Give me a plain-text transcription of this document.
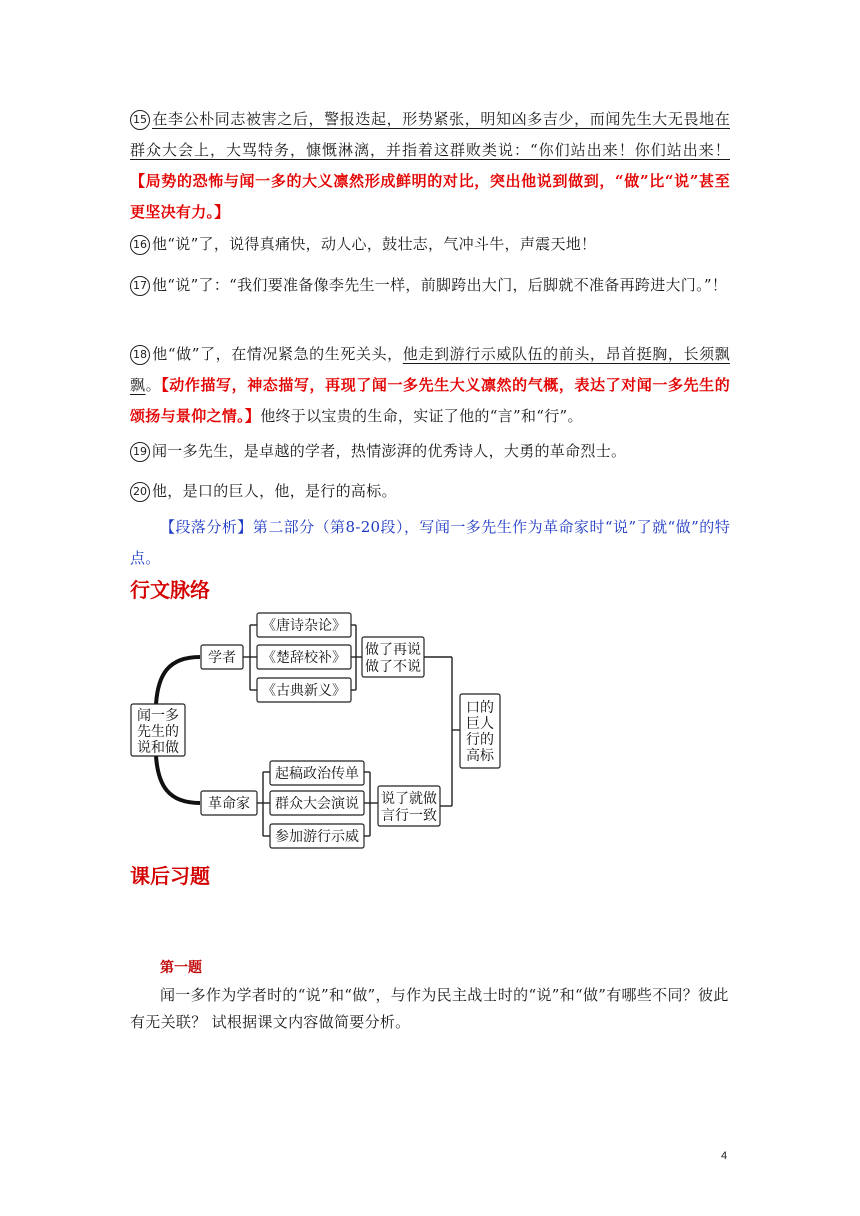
15 在李公朴同志被害之后，警报迭起，形势紧张，明知凶多吉少，而闻先生大无畏地在群众大会上，大骂特务，慷慨淋漓，并指着这群败类说：“你们站出来！你们站出来！【局势的恐怖与闻一多的大义凛然形成鲜明的对比，突出他说到做到，“做”比“说”甚至更坚决有力。】

16 他“说”了，说得真痛快，动人心，鼓壮志，气冲斗牛，声震天地！

17 他“说”了：“我们要准备像李先生一样，前脚跨出大门，后脚就不准备再跨进大门。”！

18 他“做”了，在情况紧急的生死关头，他走到游行示威队伍的前头，昂首挺胸，长须飘飘。【动作描写，神态描写，再现了闻一多先生大义凛然的气概，表达了对闻一多先生的颂扬与景仰之情。】他终于以宝贵的生命，实证了他的“言”和“行”。

19 闻一多先生，是卓越的学者，热情澎湃的优秀诗人，大勇的革命烈士。

20 他，是口的巨人，他，是行的高标。

【段落分析】第二部分（第8-20段），写闻一多先生作为革命家时“说”了就“做”的特点。

行文脉络
闻一多
先生的
说和做
学者
《唐诗杂论》
《楚辞校补》
《古典新义》
做了再说
做了不说
革命家
起稿政治传单
群众大会演说
参加游行示威
说了就做
言行一致
口的
巨人
行的
高标
课后习题

第一题

闻一多作为学者时的“说”和“做”，与作为民主战士时的“说”和“做”有哪些不同？彼此有无关联？ 试根据课文内容做简要分析。

4
